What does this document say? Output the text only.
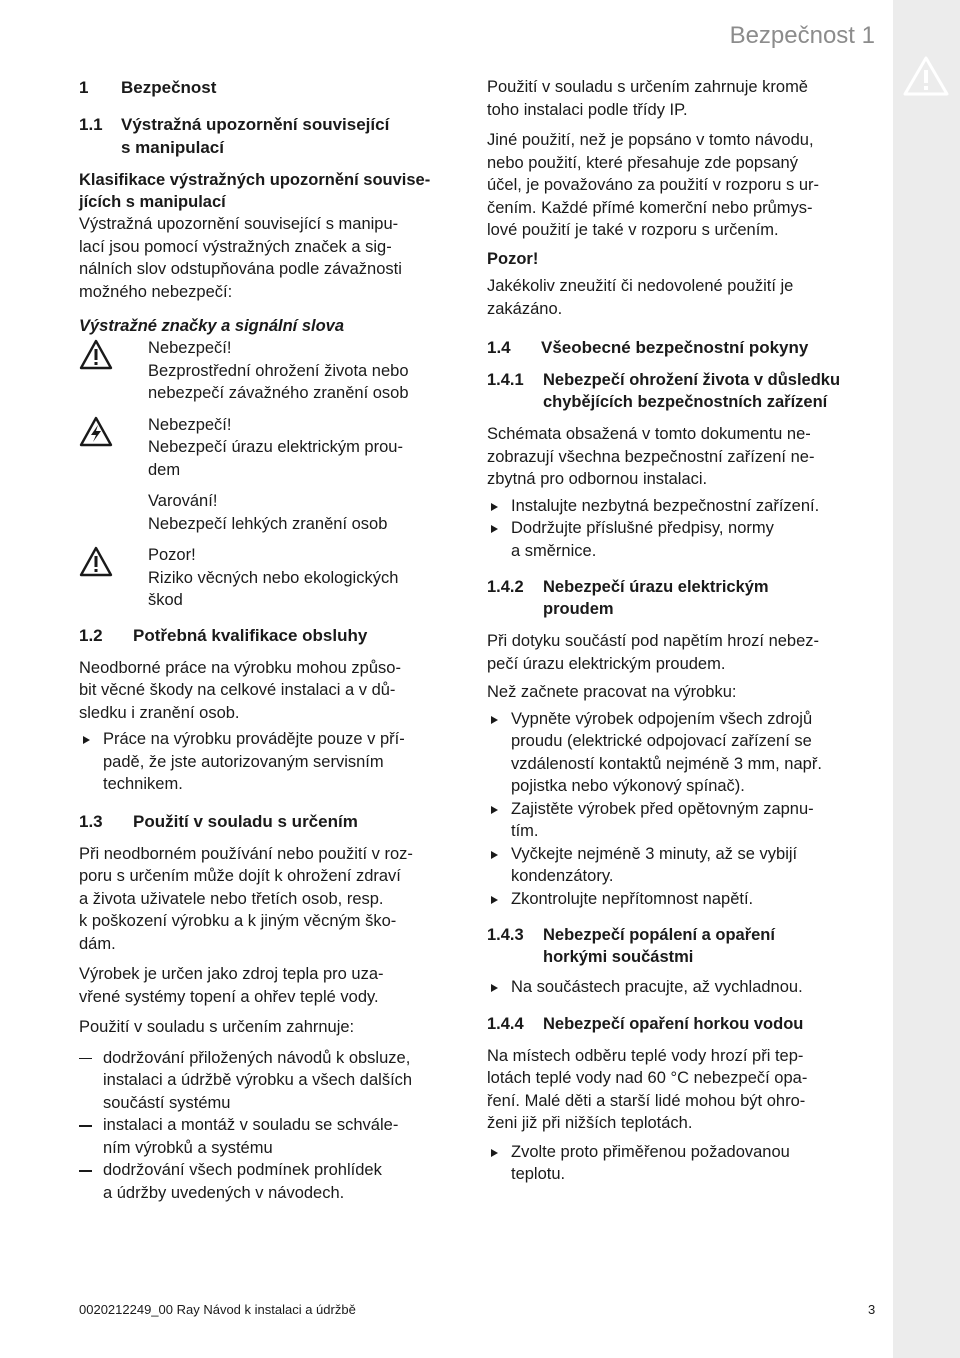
Bezpečnost 1
1	Bezpečnost
1.1	Výstražná upozornění související
s manipulací

Klasifikace výstražných upozornění souvise-
jících s manipulací

Výstražná upozornění související s manipu-
lací jsou pomocí výstražných značek a sig-
nálních slov odstupňována podle závažnosti
možného nebezpečí:

Výstražné značky a signální slova

Nebezpečí!

Bezprostřední ohrožení života nebo
nebezpečí závažného zranění osob

Nebezpečí!

Nebezpečí úrazu elektrickým prou-
dem

Varování!

Nebezpečí lehkých zranění osob

Pozor!

Riziko věcných nebo ekologických
škod

1.2	Potřebná kvalifikace obsluhy

Neodborné práce na výrobku mohou způso-
bit věcné škody na celkové instalaci a v dů-
sledku i zranění osob.

Práce na výrobku provádějte pouze v pří-
padě, že jste autorizovaným servisním
technikem.
1.3	Použití v souladu s určením

Při neodborném používání nebo použití v roz-
poru s určením může dojít k ohrožení zdraví
a života uživatele nebo třetích osob, resp.
k poškození výrobku a k jiným věcným ško-
dám.

Výrobek je určen jako zdroj tepla pro uza-
vřené systémy topení a ohřev teplé vody.

Použití v souladu s určením zahrnuje:

dodržování přiložených návodů k obsluze,
instalaci a údržbě výrobku a všech dalších
součástí systému
instalaci a montáž v souladu se schvále-
ním výrobků a systému
dodržování všech podmínek prohlídek
a údržby uvedených v návodech.

Použití v souladu s určením zahrnuje kromě
toho instalaci podle třídy IP.

Jiné použití, než je popsáno v tomto návodu,
nebo použití, které přesahuje zde popsaný
účel, je považováno za použití v rozporu s ur-
čením. Každé přímé komerční nebo průmys-
lové použití je také v rozporu s určením.

Pozor!

Jakékoliv zneužití či nedovolené použití je
zakázáno.

1.4	Všeobecné bezpečnostní pokyny
1.4.1	Nebezpečí ohrožení života v důsledku
chybějících bezpečnostních zařízení

Schémata obsažená v tomto dokumentu ne-
zobrazují všechna bezpečnostní zařízení ne-
zbytná pro odbornou instalaci.

Instalujte nezbytná bezpečnostní zařízení.
Dodržujte příslušné předpisy, normy
a směrnice.
1.4.2	Nebezpečí úrazu elektrickým
proudem

Při dotyku součástí pod napětím hrozí nebez-
pečí úrazu elektrickým proudem.

Než začnete pracovat na výrobku:

Vypněte výrobek odpojením všech zdrojů
proudu (elektrické odpojovací zařízení se
vzdáleností kontaktů nejméně 3 mm, např.
pojistka nebo výkonový spínač).
Zajistěte výrobek před opětovným zapnu-
tím.
Vyčkejte nejméně 3 minuty, až se vybijí
kondenzátory.
Zkontrolujte nepřítomnost napětí.
1.4.3	Nebezpečí popálení a opaření
horkými součástmi
Na součástech pracujte, až vychladnou.
1.4.4	Nebezpečí opaření horkou vodou

Na místech odběru teplé vody hrozí při tep-
lotách teplé vody nad 60 °C nebezpečí opa-
ření. Malé děti a starší lidé mohou být ohro-
ženi již při nižších teplotách.

Zvolte proto přiměřenou požadovanou
teplotu.
0020212249_00 Ray Návod k instalaci a údržbě	3
